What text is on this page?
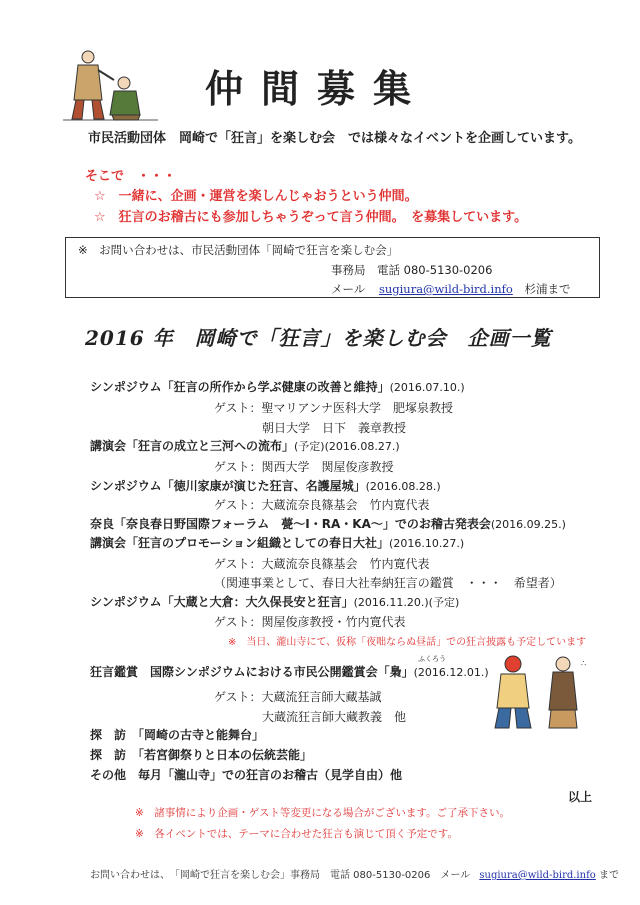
仲間募集
市民活動団体　岡崎で「狂言」を楽しむ会　では様々なイベントを企画しています。
そこで　・・・
☆　一緒に、企画・運営を楽しんじゃおうという仲間。
☆　狂言のお稽古にも参加しちゃうぞって言う仲間。　を募集しています。
※　お問い合わせは、市民活動団体「岡崎で狂言を楽しむ会」
事務局　電話 080-5130-0206
メール sugiura@wild-bird.info 杉浦まで
2016 年　岡崎で「狂言」を楽しむ会　企画一覧
シンポジウム「狂言の所作から学ぶ健康の改善と維持」(2016.07.10.)
ゲスト：聖マリアンナ医科大学　肥塚泉教授
朝日大学　日下　義章教授
講演会「狂言の成立と三河への流布」(予定)(2016.08.27.)
ゲスト：関西大学　関屋俊彦教授
シンポジウム「徳川家康が演じた狂言、名護屋城」(2016.08.28.)
ゲスト：大蔵流奈良篠基会　竹内寛代表
奈良「奈良春日野国際フォーラム　甍～I・RA・KA～」でのお稽古発表会(2016.09.25.)
講演会「狂言のプロモーション組織としての春日大社」(2016.10.27.)
ゲスト：大蔵流奈良篠基会　竹内寛代表
（関連事業として、春日大社奉納狂言の鑑賞　・・・　希望者）
シンポジウム「大蔵と大倉：大久保長安と狂言」(2016.11.20.)(予定)
ゲスト：関屋俊彦教授・竹内寛代表
※　当日、瀧山寺にて、仮称「夜咄ならぬ昼話」での狂言披露も予定しています
ふくろう
狂言鑑賞　国際シンポジウムにおける市民公開鑑賞会「梟」(2016.12.01.)
ゲスト：大蔵流狂言師大藏基誠
大蔵流狂言師大藏教義　他
探　訪　「岡崎の古寺と能舞台」
探　訪　「若宮御祭りと日本の伝統芸能」
その他　毎月「瀧山寺」での狂言のお稽古（見学自由）他
∴
以上
※　諸事情により企画・ゲスト等変更になる場合がございます。ご了承下さい。
※　各イベントでは、テーマに合わせた狂言も演じて頂く予定です。
お問い合わせは、　「岡崎で狂言を楽しむ会」事務局　電話 080-5130-0206　メール sugiura@wild-bird.info まで
